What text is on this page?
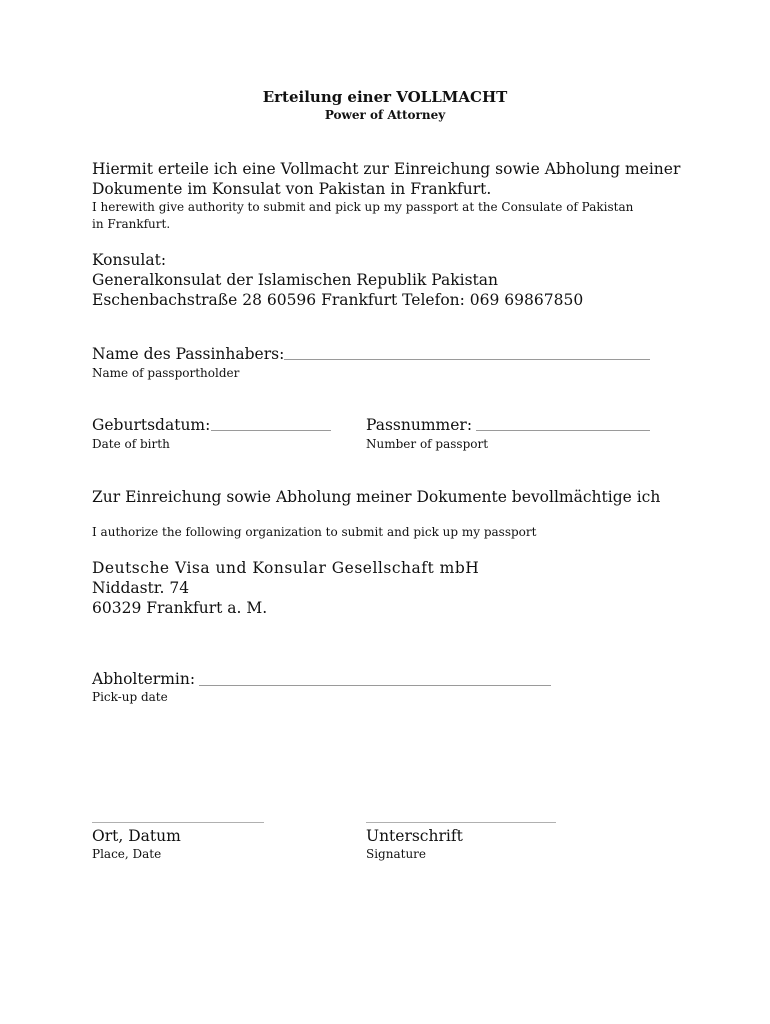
Erteilung einer VOLLMACHT
Power of Attorney
Hiermit erteile ich eine Vollmacht zur Einreichung sowie Abholung meiner
Dokumente im Konsulat von Pakistan in Frankfurt.
I herewith give authority to submit and pick up my passport at the Consulate of Pakistan
in Frankfurt.
Konsulat:
Generalkonsulat der Islamischen Republik Pakistan
Eschenbachstraße 28 60596 Frankfurt Telefon: 069 69867850
Name des Passinhabers:
Name of passportholder
Geburtsdatum:
Date of birth
Passnummer:
Number of passport
Zur Einreichung sowie Abholung meiner Dokumente bevollmächtige ich
I authorize the following organization to submit and pick up my passport
Deutsche Visa und Konsular Gesellschaft mbH
Niddastr. 74
60329 Frankfurt a. M.
Abholtermin:
Pick-up date
Ort, Datum
Place, Date
Unterschrift
Signature
